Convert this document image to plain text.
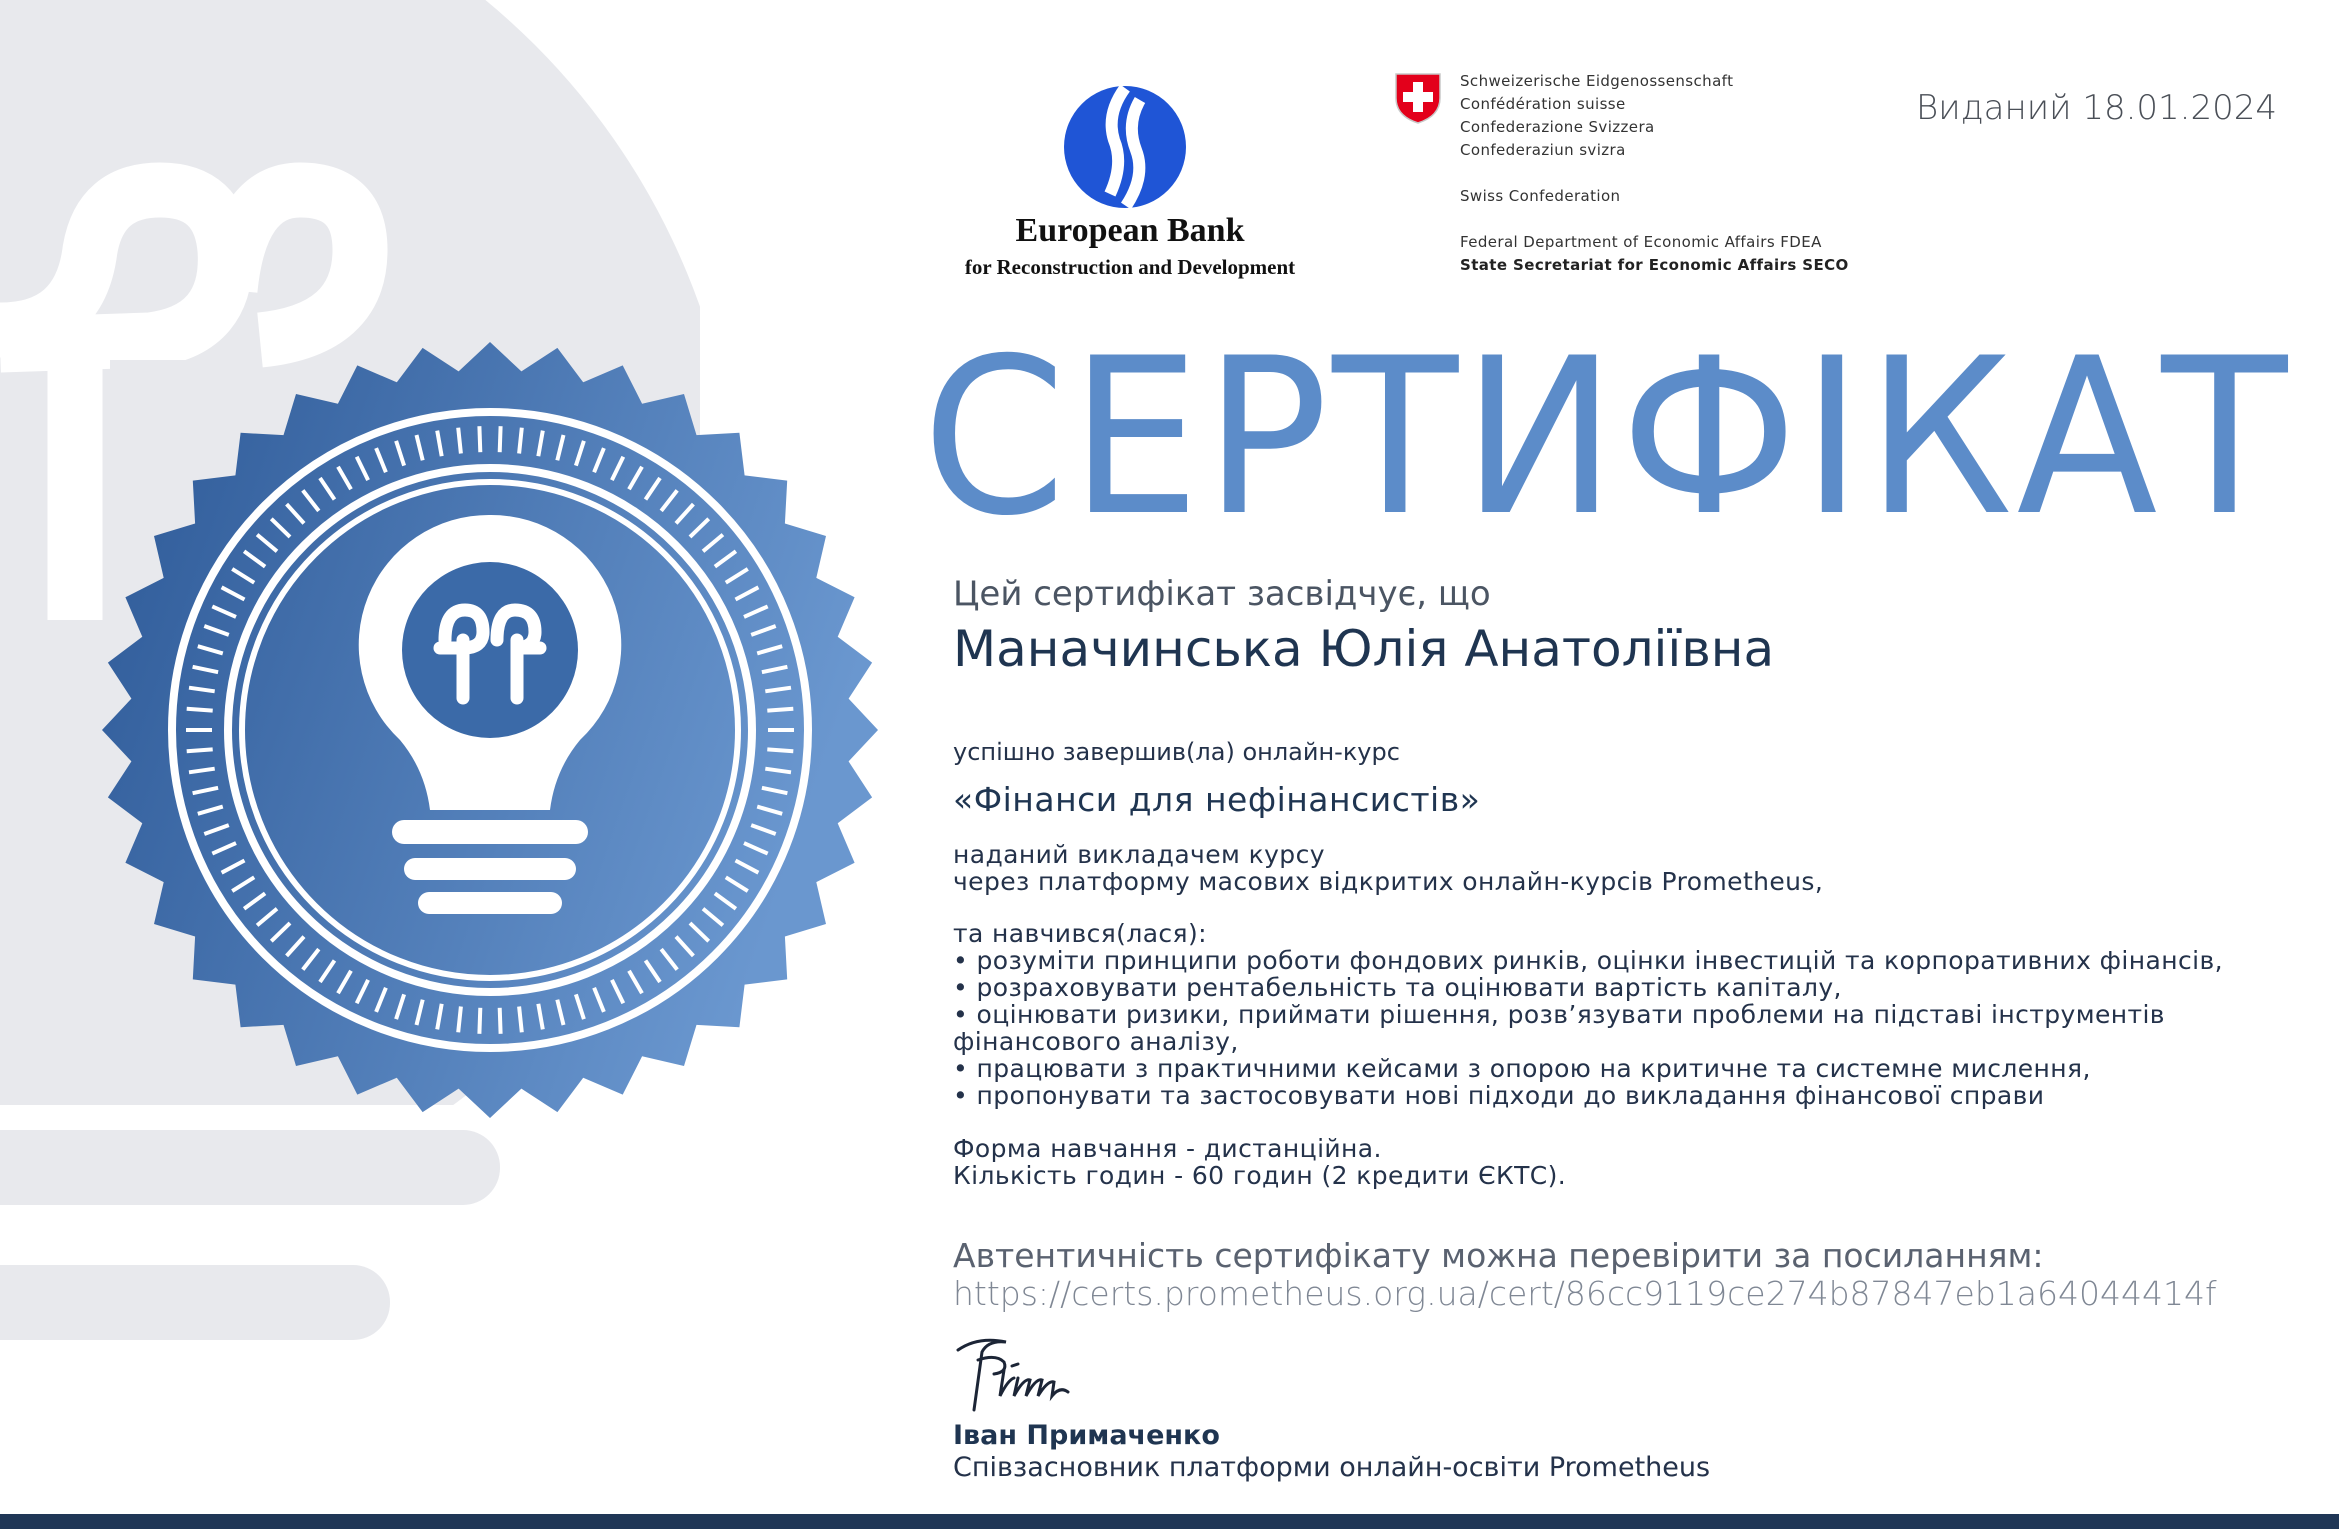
European Bank
for Reconstruction and Development
Schweizerische Eidgenossenschaft
Confédération suisse
Confederazione Svizzera
Confederaziun svizra
Swiss Confederation
Federal Department of Economic Affairs FDEA
State Secretariat for Economic Affairs SECO
Виданий 18.01.2024
СЕРТИФІКАТ
Цей сертифікат засвідчує, що
Маначинська Юлія Анатоліївна
успішно завершив(ла) онлайн-курс
«Фінанси для нефінансистів»
наданий викладачем курсу
через платформу масових відкритих онлайн-курсів Prometheus,
та навчився(лася):
• розуміти принципи роботи фондових ринків, оцінки інвестицій та корпоративних фінансів,
• розраховувати рентабельність та оцінювати вартість капіталу,
• оцінювати ризики, приймати рішення, розв’язувати проблеми на підставі інструментів
фінансового аналізу,
• працювати з практичними кейсами з опорою на критичне та системне мислення,
• пропонувати та застосовувати нові підходи до викладання фінансової справи
Форма навчання - дистанційна.
Кількість годин - 60 годин (2 кредити ЄКТС).
Автентичність сертифікату можна перевірити за посиланням:
https://certs.prometheus.org.ua/cert/86cc9119ce274b87847eb1a64044414f
Іван Примаченко
Співзасновник платформи онлайн-освіти Prometheus
